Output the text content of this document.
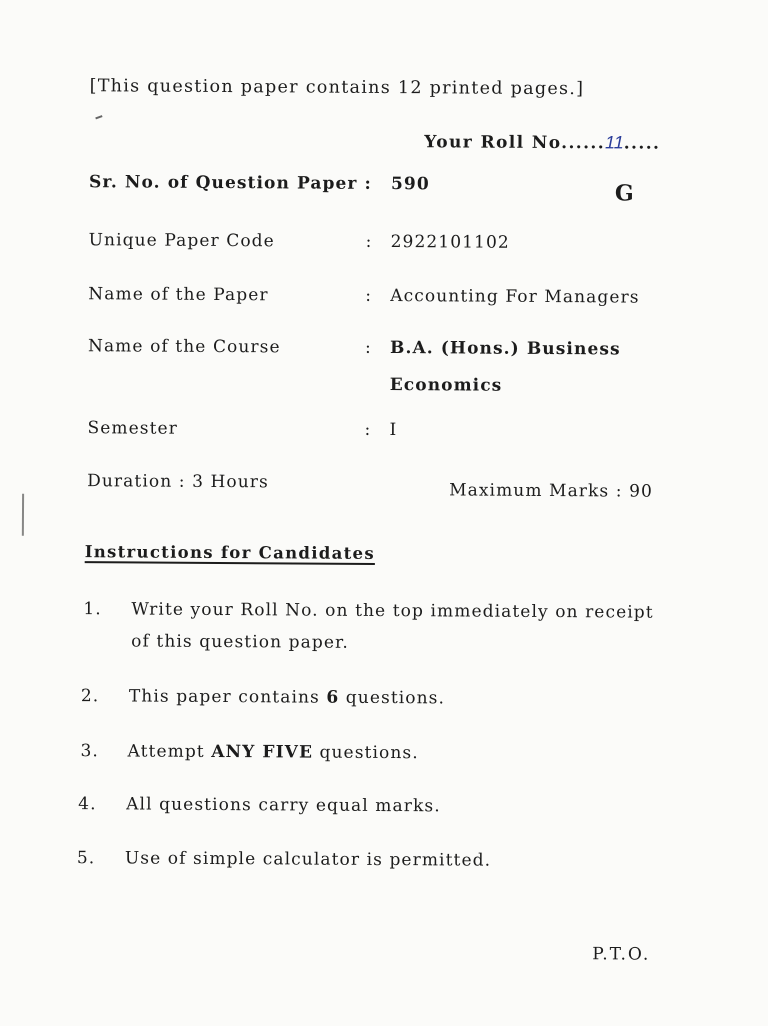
[This question paper contains 12 printed pages.]
Your Roll No......11.....
G
Sr. No. of Question Paper : 590
Unique Paper Code	: 2922101102
Name of the Paper	: Accounting For Managers
Name of the Course	: B.A. (Hons.) Business
Economics
Semester	: I
Duration : 3 Hours	Maximum Marks : 90
Instructions for Candidates
1. Write your Roll No. on the top immediately on receipt
of this question paper.
2. This paper contains 6 questions.
3. Attempt ANY FIVE questions.
4. All questions carry equal marks.
5. Use of simple calculator is permitted.
P.T.O.
